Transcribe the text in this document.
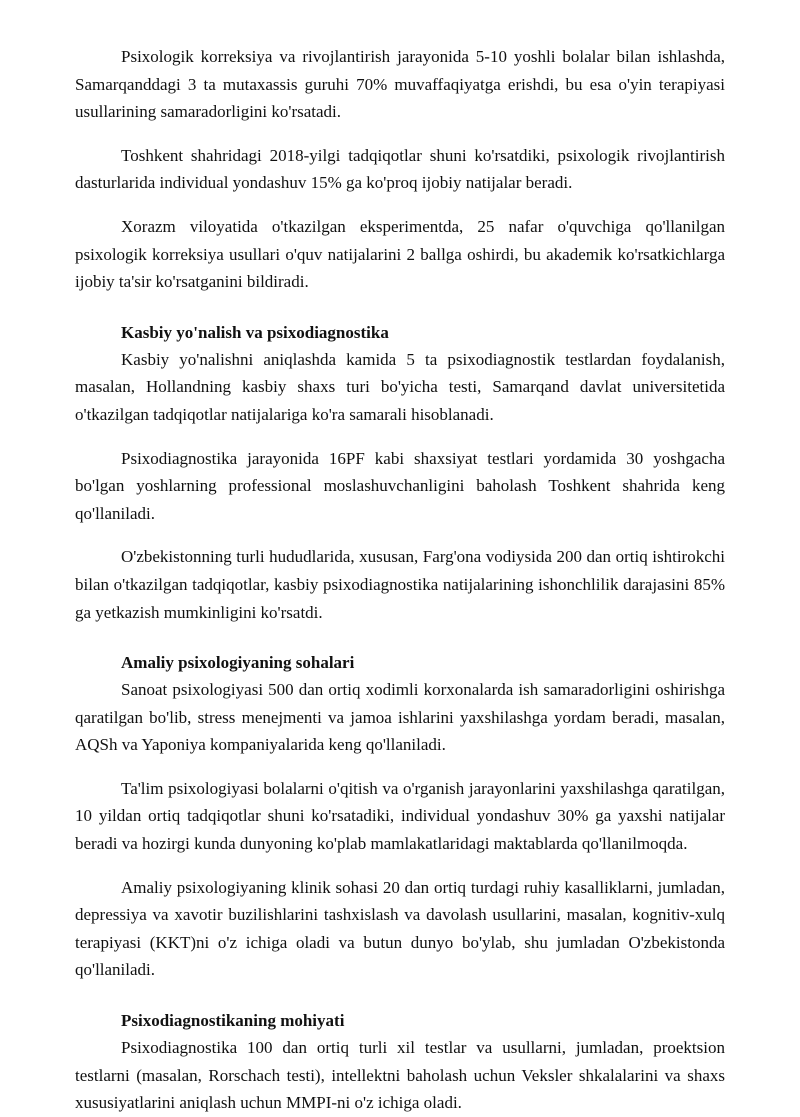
Psixologik korreksiya va rivojlantirish jarayonida 5-10 yoshli bolalar bilan ishlashda, Samarqanddagi 3 ta mutaxassis guruhi 70% muvaffaqiyatga erishdi, bu esa o'yin terapiyasi usullarining samaradorligini ko'rsatadi.

Toshkent shahridagi 2018-yilgi tadqiqotlar shuni ko'rsatdiki, psixologik rivojlantirish dasturlarida individual yondashuv 15% ga ko'proq ijobiy natijalar beradi.

Xorazm viloyatida o'tkazilgan eksperimentda, 25 nafar o'quvchiga qo'llanilgan psixologik korreksiya usullari o'quv natijalarini 2 ballga oshirdi, bu akademik ko'rsatkichlarga ijobiy ta'sir ko'rsatganini bildiradi.

Kasbiy yo'nalish va psixodiagnostika

Kasbiy yo'nalishni aniqlashda kamida 5 ta psixodiagnostik testlardan foydalanish, masalan, Hollandning kasbiy shaxs turi bo'yicha testi, Samarqand davlat universitetida o'tkazilgan tadqiqotlar natijalariga ko'ra samarali hisoblanadi.

Psixodiagnostika jarayonida 16PF kabi shaxsiyat testlari yordamida 30 yoshgacha bo'lgan yoshlarning professional moslashuvchanligini baholash Toshkent shahrida keng qo'llaniladi.

O'zbekistonning turli hududlarida, xususan, Farg'ona vodiysida 200 dan ortiq ishtirokchi bilan o'tkazilgan tadqiqotlar, kasbiy psixodiagnostika natijalarining ishonchlilik darajasini 85% ga yetkazish mumkinligini ko'rsatdi.

Amaliy psixologiyaning sohalari

Sanoat psixologiyasi 500 dan ortiq xodimli korxonalarda ish samaradorligini oshirishga qaratilgan bo'lib, stress menejmenti va jamoa ishlarini yaxshilashga yordam beradi, masalan, AQSh va Yaponiya kompaniyalarida keng qo'llaniladi.

Ta'lim psixologiyasi bolalarni o'qitish va o'rganish jarayonlarini yaxshilashga qaratilgan, 10 yildan ortiq tadqiqotlar shuni ko'rsatadiki, individual yondashuv 30% ga yaxshi natijalar beradi va hozirgi kunda dunyoning ko'plab mamlakatlaridagi maktablarda qo'llanilmoqda.

Amaliy psixologiyaning klinik sohasi 20 dan ortiq turdagi ruhiy kasalliklarni, jumladan, depressiya va xavotir buzilishlarini tashxislash va davolash usullarini, masalan, kognitiv-xulq terapiyasi (KKT)ni o'z ichiga oladi va butun dunyo bo'ylab, shu jumladan O'zbekistonda qo'llaniladi.

Psixodiagnostikaning mohiyati

Psixodiagnostika 100 dan ortiq turli xil testlar va usullarni, jumladan, proektsion testlarni (masalan, Rorschach testi), intellektni baholash uchun Veksler shkalalarini va shaxs xususiyatlarini aniqlash uchun MMPI-ni o'z ichiga oladi.
